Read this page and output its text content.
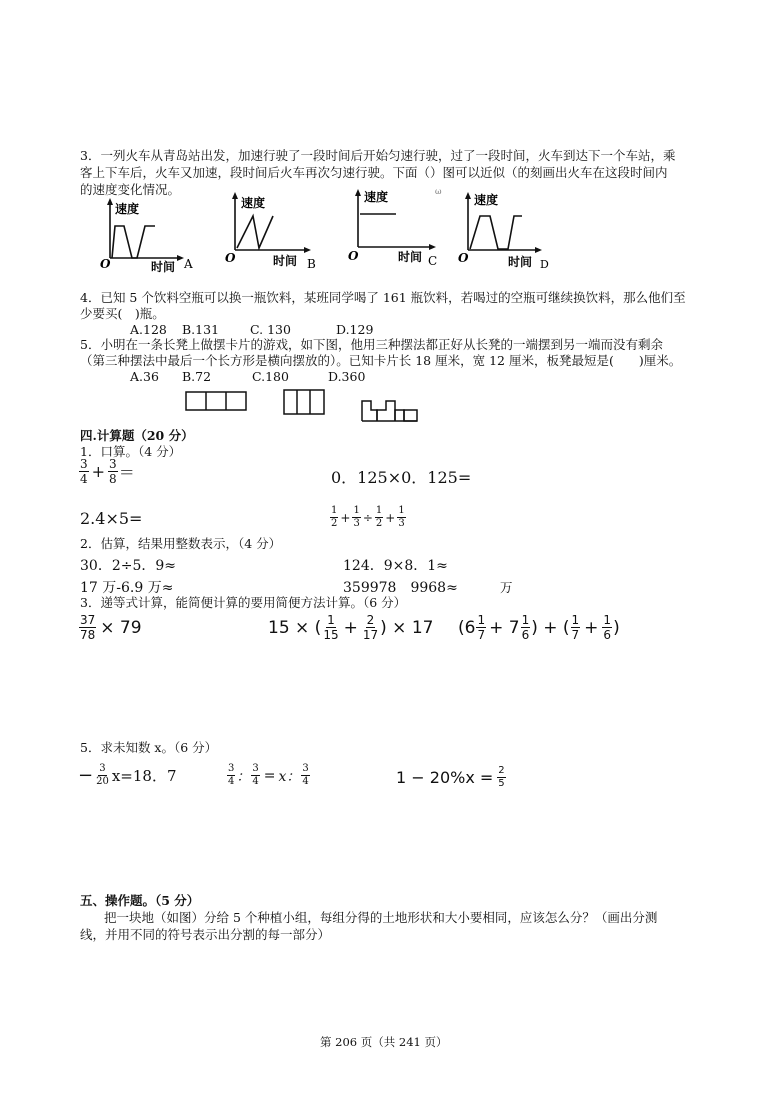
3．一列火车从青岛站出发，加速行驶了一段时间后开始匀速行驶，过了一段时间，火车到达下一个车站，乘
客上下车后，火车又加速，段时间后火车再次匀速行驶。下面（）图可以近似（的刻画出火车在这段时间内
的速度变化情况。	ω
速度
O	时间 A
速度
O	时间 B
速度
O	时间 C
速度
O	时间 D
4．已知 5 个饮料空瓶可以换一瓶饮料，某班同学喝了 161 瓶饮料，若喝过的空瓶可继续换饮料，那么他们至
少要买(　)瓶。
A.128 B.131 C. 130	D.129
5．小明在一条长凳上做摆卡片的游戏，如下图，他用三种摆法都正好从长凳的一端摆到另一端而没有剩余
（第三种摆法中最后一个长方形是横向摆放的）。已知卡片长 18 厘米，宽 12 厘米，板凳最短是(　　)厘米。
A.36 B.72	C.180	D.360
四.计算题（20 分）
1．口算。（4 分）
$\frac{3}{4} + \frac{3}{8}$ ＝	0．125×0．125=
2.4×5=	$\frac{1}{2} + \frac{1}{3} \div \frac{1}{2} + \frac{1}{3}$
2．估算，结果用整数表示，（4 分）
30．2÷5．9≈	124．9×8．1≈
17 万-6.9 万≈	359978　9968≈	万
3．递等式计算，能简便计算的要用简便方法计算。（6 分）
$\frac{37}{78} \times 79$	15 × ( $\frac{1}{15} + \frac{2}{17}$ ) × 17 ($6 \frac{1}{7} + 7 \frac{1}{6}$ ) + ( $\frac{1}{7} + \frac{1}{6}$ )
5．求未知数 x。（6 分）
− $\frac{3}{20} x=18$．7	$\frac{3}{4}$ ： $\frac{3}{4} = x$： $\frac{3}{4}$	$1 - 20\%x = \frac{2}{5}$
五、操作题。（5 分）
把一块地（如图）分给 5 个种植小组，每组分得的土地形状和大小要相同，应该怎么分？（画出分测
线，并用不同的符号表示出分割的每一部分）
第 206 页（共 241 页）
